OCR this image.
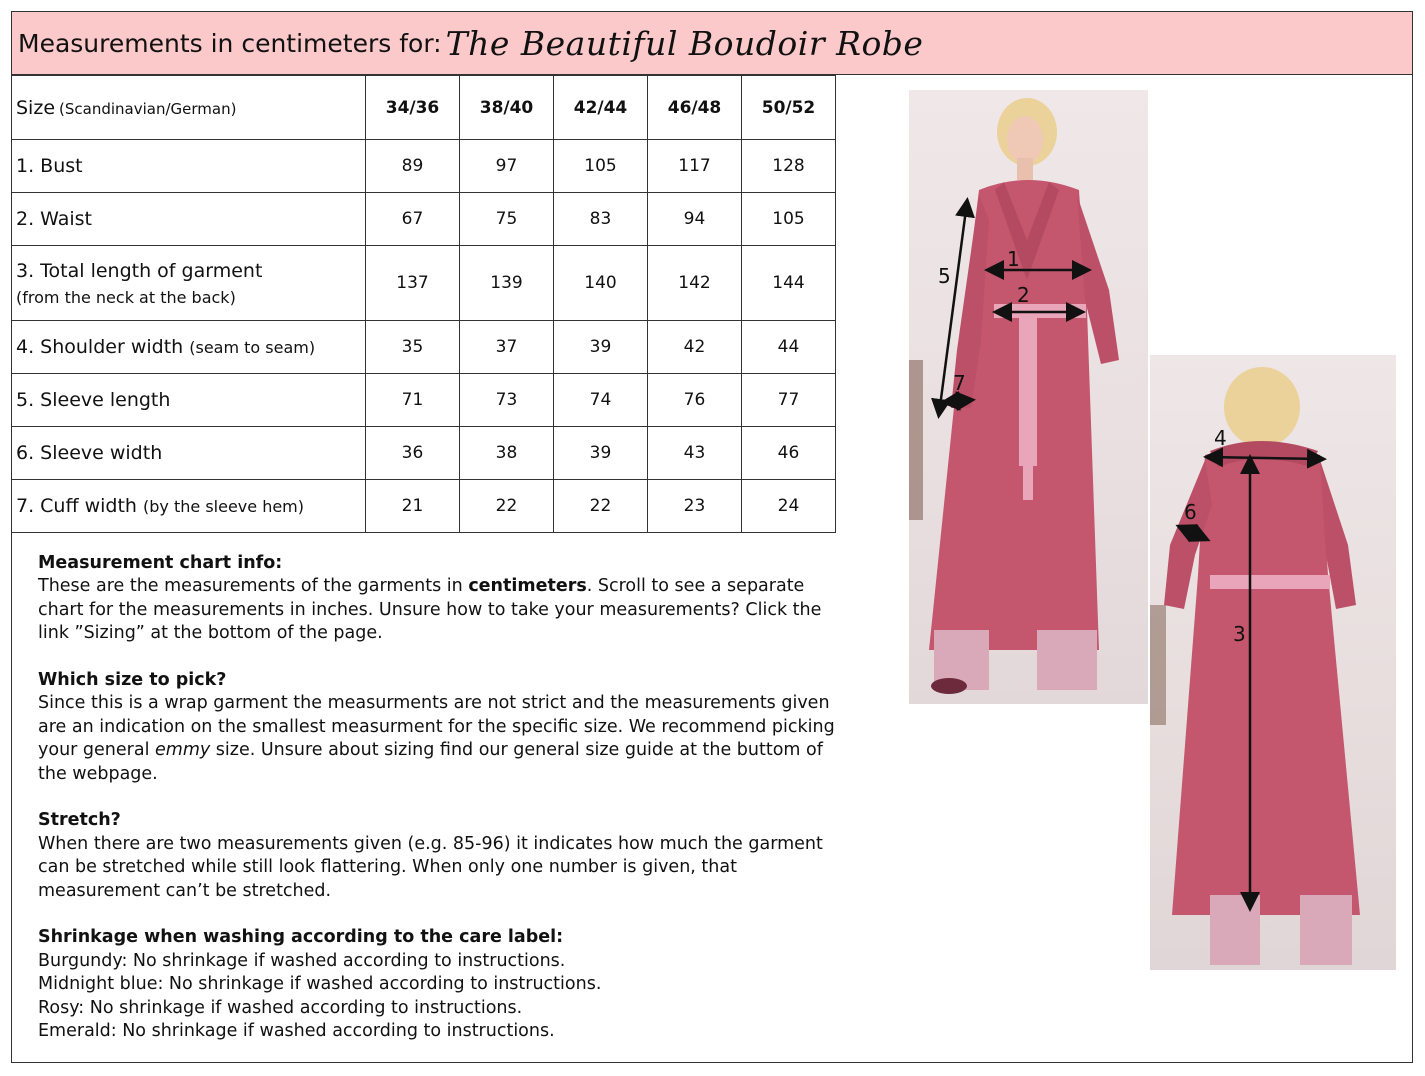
Measurements in centimeters for: The Beautiful Boudoir Robe
Size (Scandinavian/German)	34/36	38/40	42/44	46/48	50/52
1. Bust	89	97	105	117	128
2. Waist	67	75	83	94	105
3. Total length of garment
(from the neck at the back)	137	139	140	142	144
4. Shoulder width (seam to seam)	35	37	39	42	44
5. Sleeve length	71	73	74	76	77
6. Sleeve width	36	38	39	43	46
7. Cuff width (by the sleeve hem)	21	22	22	23	24

Measurement chart info:
These are the measurements of the garments in centimeters. Scroll to see a separate
chart for the measurements in inches. Unsure how to take your measurements? Click the
link ”Sizing” at the bottom of the page.

Which size to pick?
Since this is a wrap garment the measurments are not strict and the measurements given
are an indication on the smallest measurment for the specific size. We recommend picking
your general emmy size. Unsure about sizing find our general size guide at the buttom of
the webpage.

Stretch?
When there are two measurements given (e.g. 85-96) it indicates how much the garment
can be stretched while still look flattering. When only one number is given, that
measurement can’t be stretched.

Shrinkage when washing according to the care label:
Burgundy: No shrinkage if washed according to instructions.
Midnight blue: No shrinkage if washed according to instructions.
Rosy: No shrinkage if washed according to instructions.
Emerald: No shrinkage if washed according to instructions.

1
2
5
7
4
3
6
